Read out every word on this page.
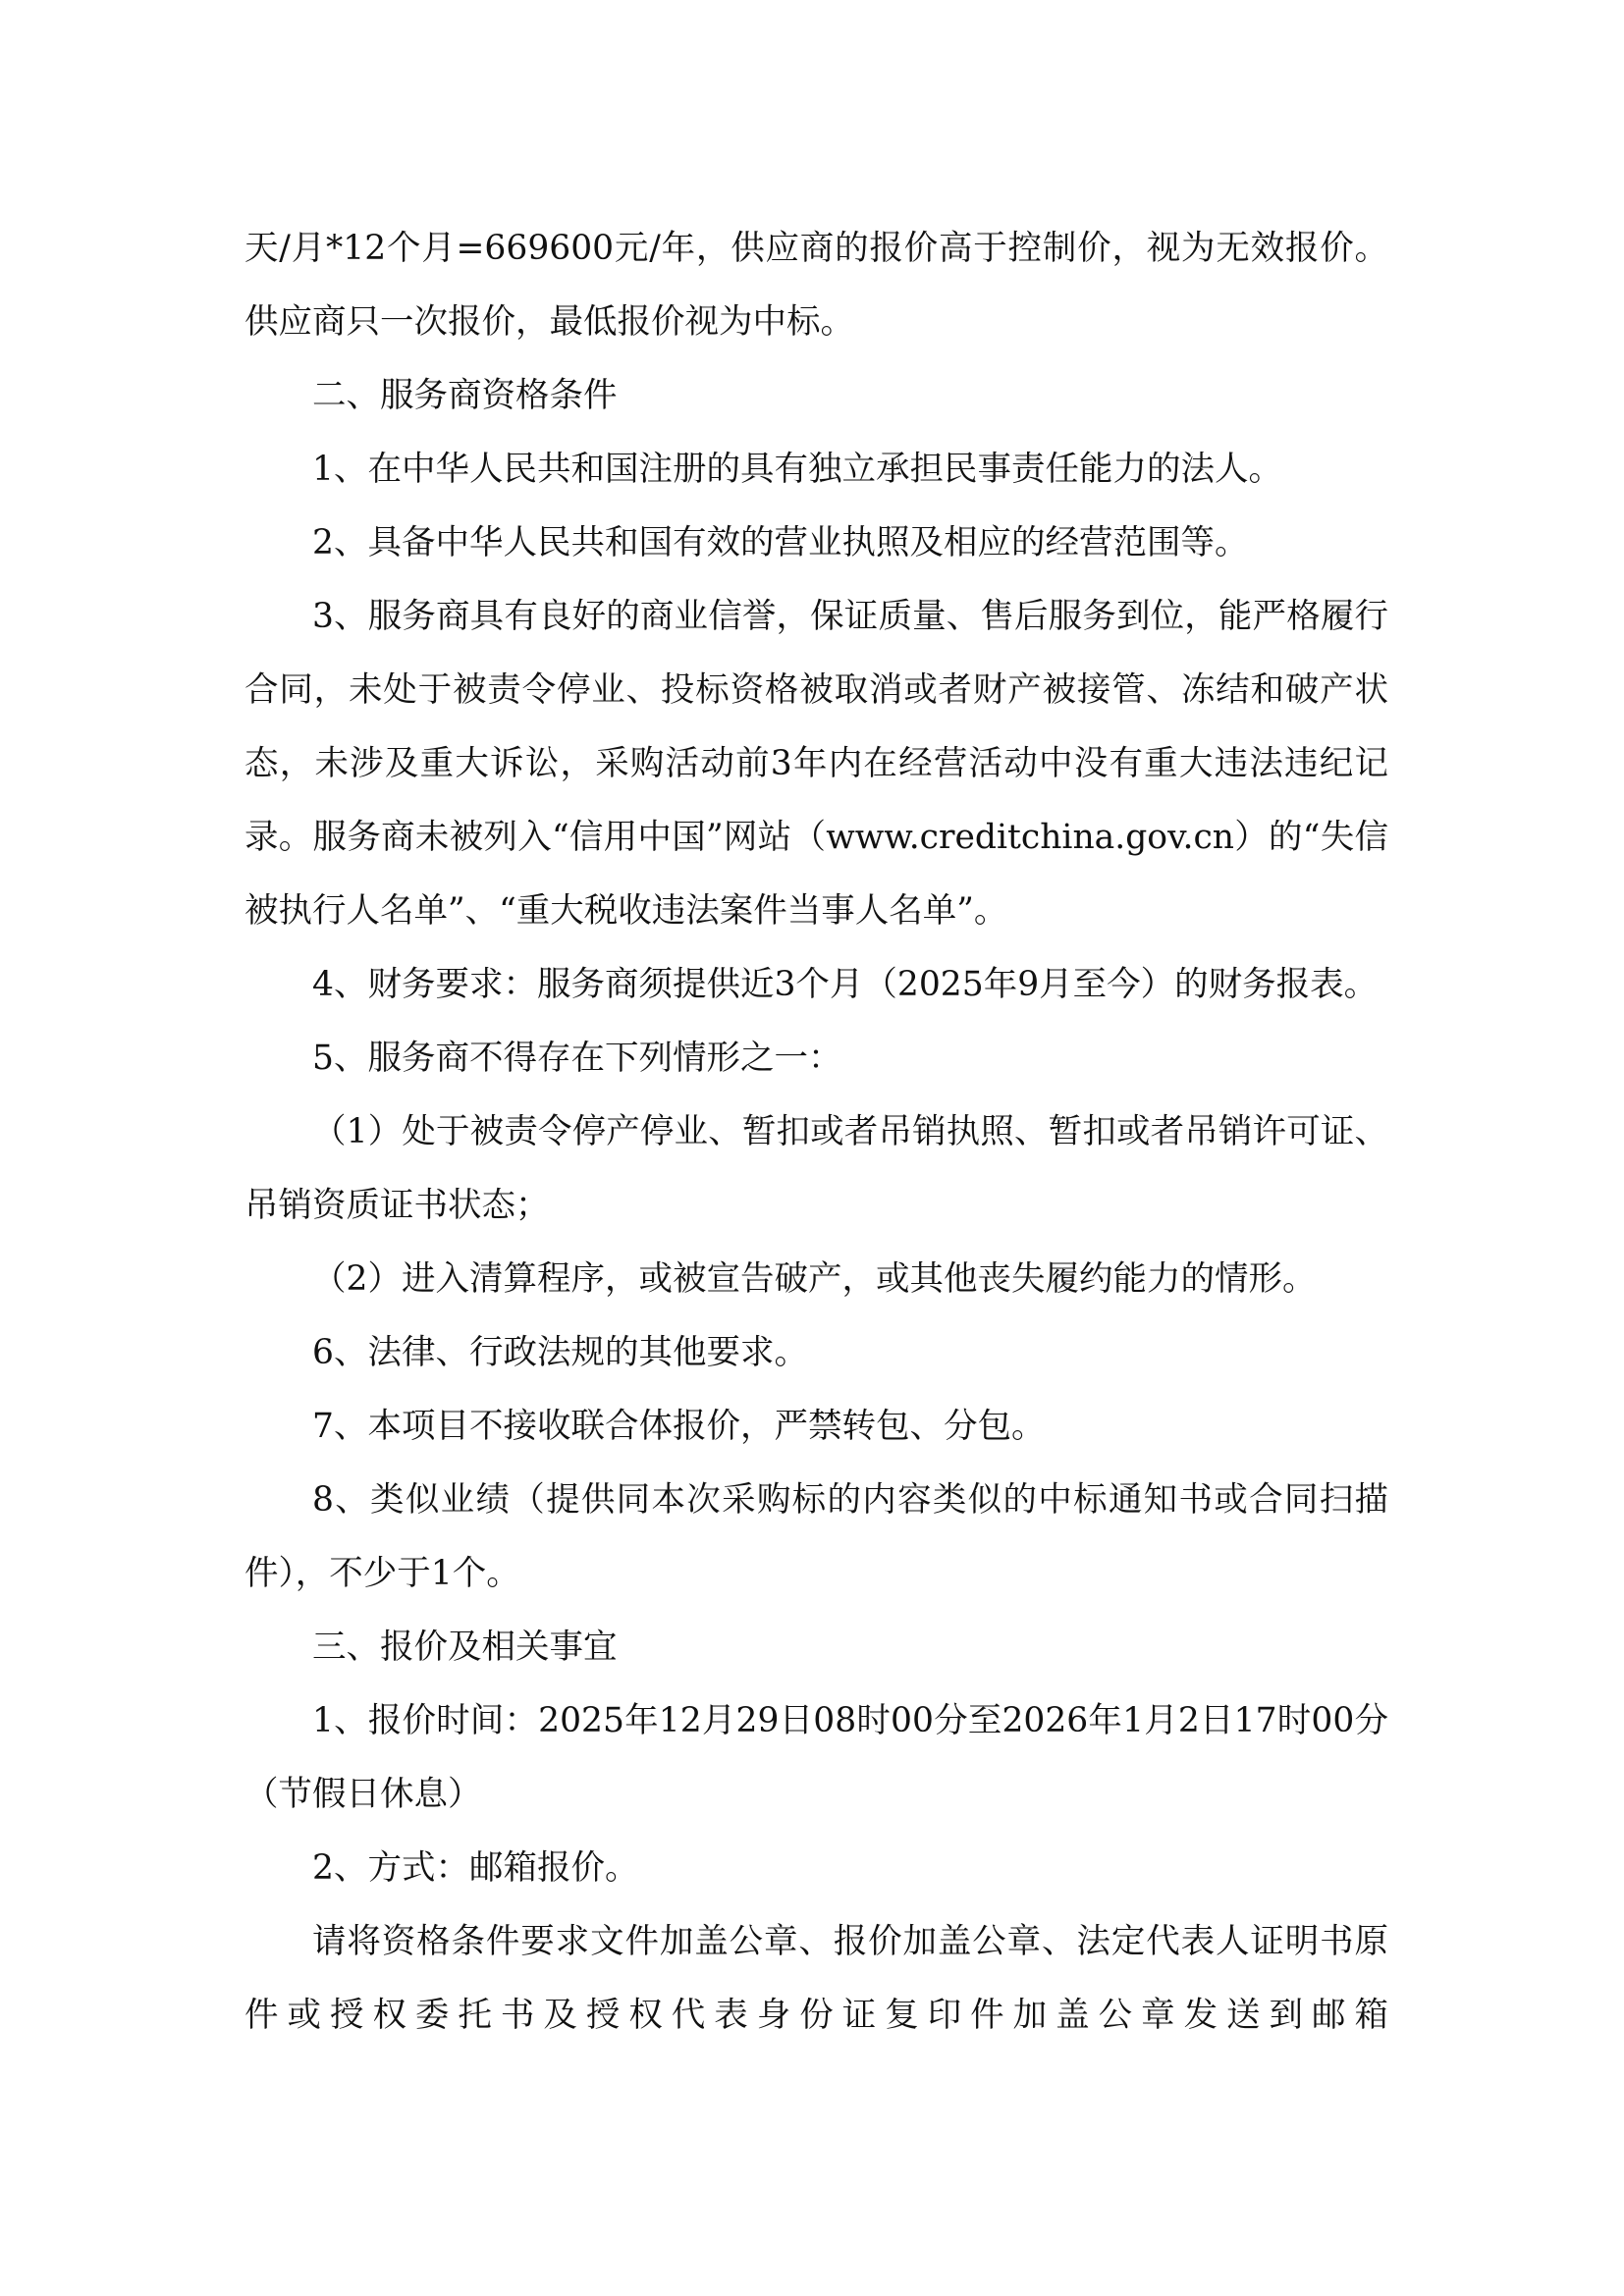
天/月*12个月=669600元/年，供应商的报价高于控制价，视为无效报价。供应商只一次报价，最低报价视为中标。

二、服务商资格条件

1、在中华人民共和国注册的具有独立承担民事责任能力的法人。

2、具备中华人民共和国有效的营业执照及相应的经营范围等。

3、服务商具有良好的商业信誉，保证质量、售后服务到位，能严格履行合同，未处于被责令停业、投标资格被取消或者财产被接管、冻结和破产状态，未涉及重大诉讼，采购活动前3年内在经营活动中没有重大违法违纪记录。服务商未被列入“信用中国”网站（www.creditchina.gov.cn）的“失信被执行人名单”、“重大税收违法案件当事人名单”。

4、财务要求：服务商须提供近3个月（2025年9月至今）的财务报表。

5、服务商不得存在下列情形之一：

（1）处于被责令停产停业、暂扣或者吊销执照、暂扣或者吊销许可证、吊销资质证书状态；

（2）进入清算程序，或被宣告破产，或其他丧失履约能力的情形。

6、法律、行政法规的其他要求。

7、本项目不接收联合体报价，严禁转包、分包。

8、类似业绩（提供同本次采购标的内容类似的中标通知书或合同扫描件），不少于1个。

三、报价及相关事宜

1、报价时间：2025年12月29日08时00分至2026年1月2日17时00分（节假日休息）

2、方式：邮箱报价。

请将资格条件要求文件加盖公章、报价加盖公章、法定代表人证明书原件或授权委托书及授权代表身份证复印件加盖公章发送到邮箱
